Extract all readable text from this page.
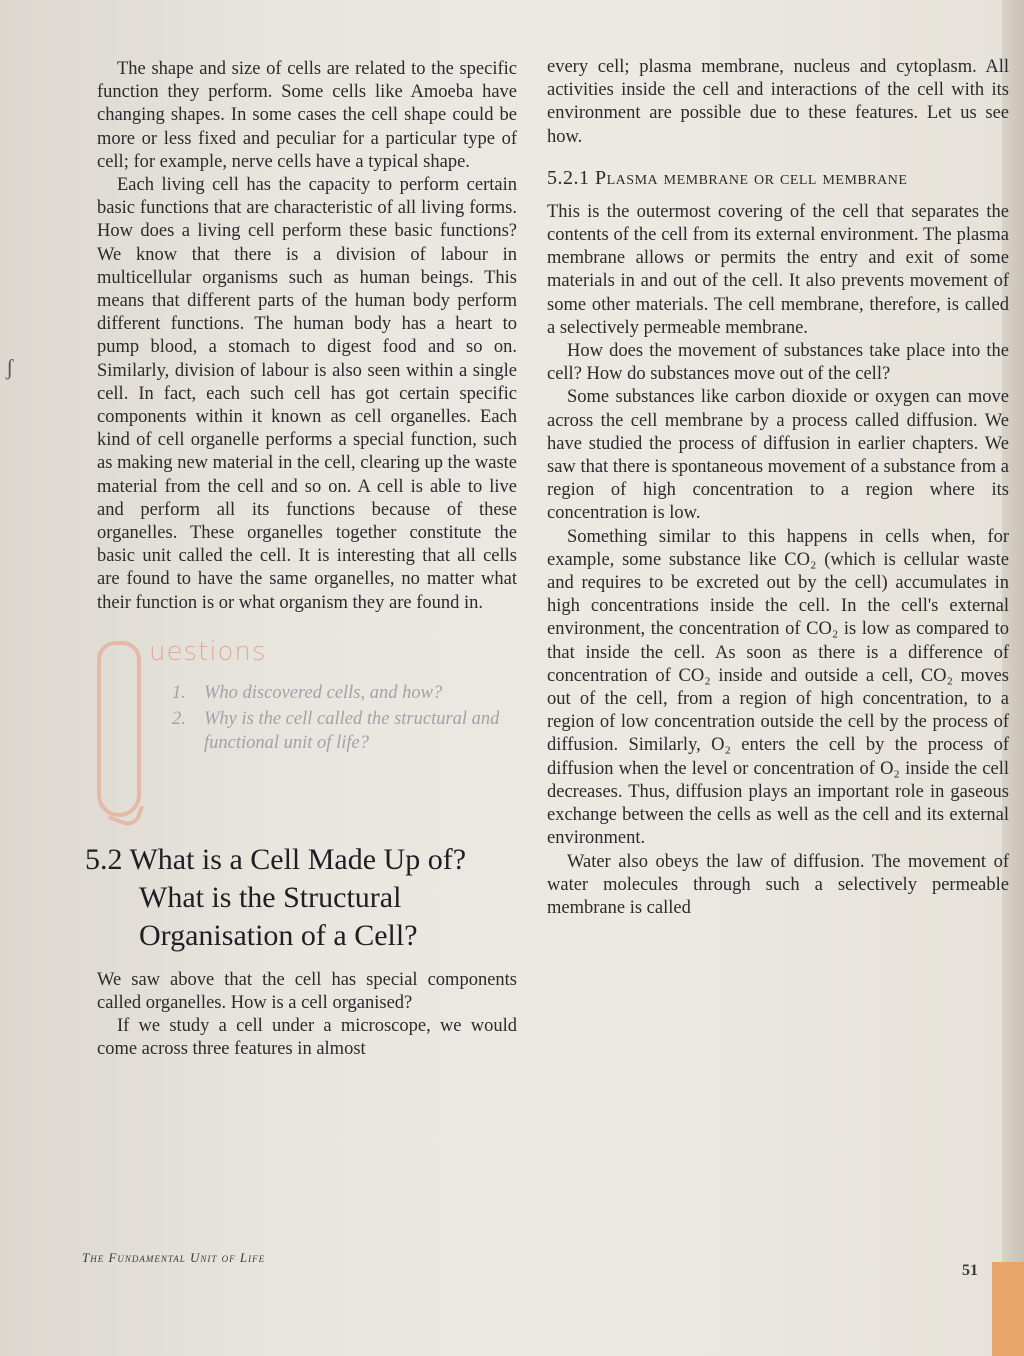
ʃ

The shape and size of cells are related to the specific function they perform. Some cells like Amoeba have changing shapes. In some cases the cell shape could be more or less fixed and peculiar for a particular type of cell; for example, nerve cells have a typical shape.

Each living cell has the capacity to perform certain basic functions that are characteristic of all living forms. How does a living cell perform these basic functions? We know that there is a division of labour in multicellular organisms such as human beings. This means that different parts of the human body perform different functions. The human body has a heart to pump blood, a stomach to digest food and so on. Similarly, division of labour is also seen within a single cell. In fact, each such cell has got certain specific components within it known as cell organelles. Each kind of cell organelle performs a special function, such as making new material in the cell, clearing up the waste material from the cell and so on. A cell is able to live and perform all its functions because of these organelles. These organelles together constitute the basic unit called the cell. It is interesting that all cells are found to have the same organelles, no matter what their function is or what organism they are found in.

uestions
1. Who discovered cells, and how?
2. Why is the cell called the structural and functional unit of life?
5.2 What is a Cell Made Up of?
What is the Structural
Organisation of a Cell?

We saw above that the cell has special components called organelles. How is a cell organised?

If we study a cell under a microscope, we would come across three features in almost

every cell; plasma membrane, nucleus and cytoplasm. All activities inside the cell and interactions of the cell with its environment are possible due to these features. Let us see how.

5.2.1 Plasma membrane or cell membrane

This is the outermost covering of the cell that separates the contents of the cell from its external environment. The plasma membrane allows or permits the entry and exit of some materials in and out of the cell. It also prevents movement of some other materials. The cell membrane, therefore, is called a selectively permeable membrane.

How does the movement of substances take place into the cell? How do substances move out of the cell?

Some substances like carbon dioxide or oxygen can move across the cell membrane by a process called diffusion. We have studied the process of diffusion in earlier chapters. We saw that there is spontaneous movement of a substance from a region of high concentration to a region where its concentration is low.

Something similar to this happens in cells when, for example, some substance like CO₂ (which is cellular waste and requires to be excreted out by the cell) accumulates in high concentrations inside the cell. In the cell's external environment, the concentration of CO₂ is low as compared to that inside the cell. As soon as there is a difference of concentration of CO₂ inside and outside a cell, CO₂ moves out of the cell, from a region of high concentration, to a region of low concentration outside the cell by the process of diffusion. Similarly, O₂ enters the cell by the process of diffusion when the level or concentration of O₂ inside the cell decreases. Thus, diffusion plays an important role in gaseous exchange between the cells as well as the cell and its external environment.

Water also obeys the law of diffusion. The movement of water molecules through such a selectively permeable membrane is called

The Fundamental Unit of Life
51
